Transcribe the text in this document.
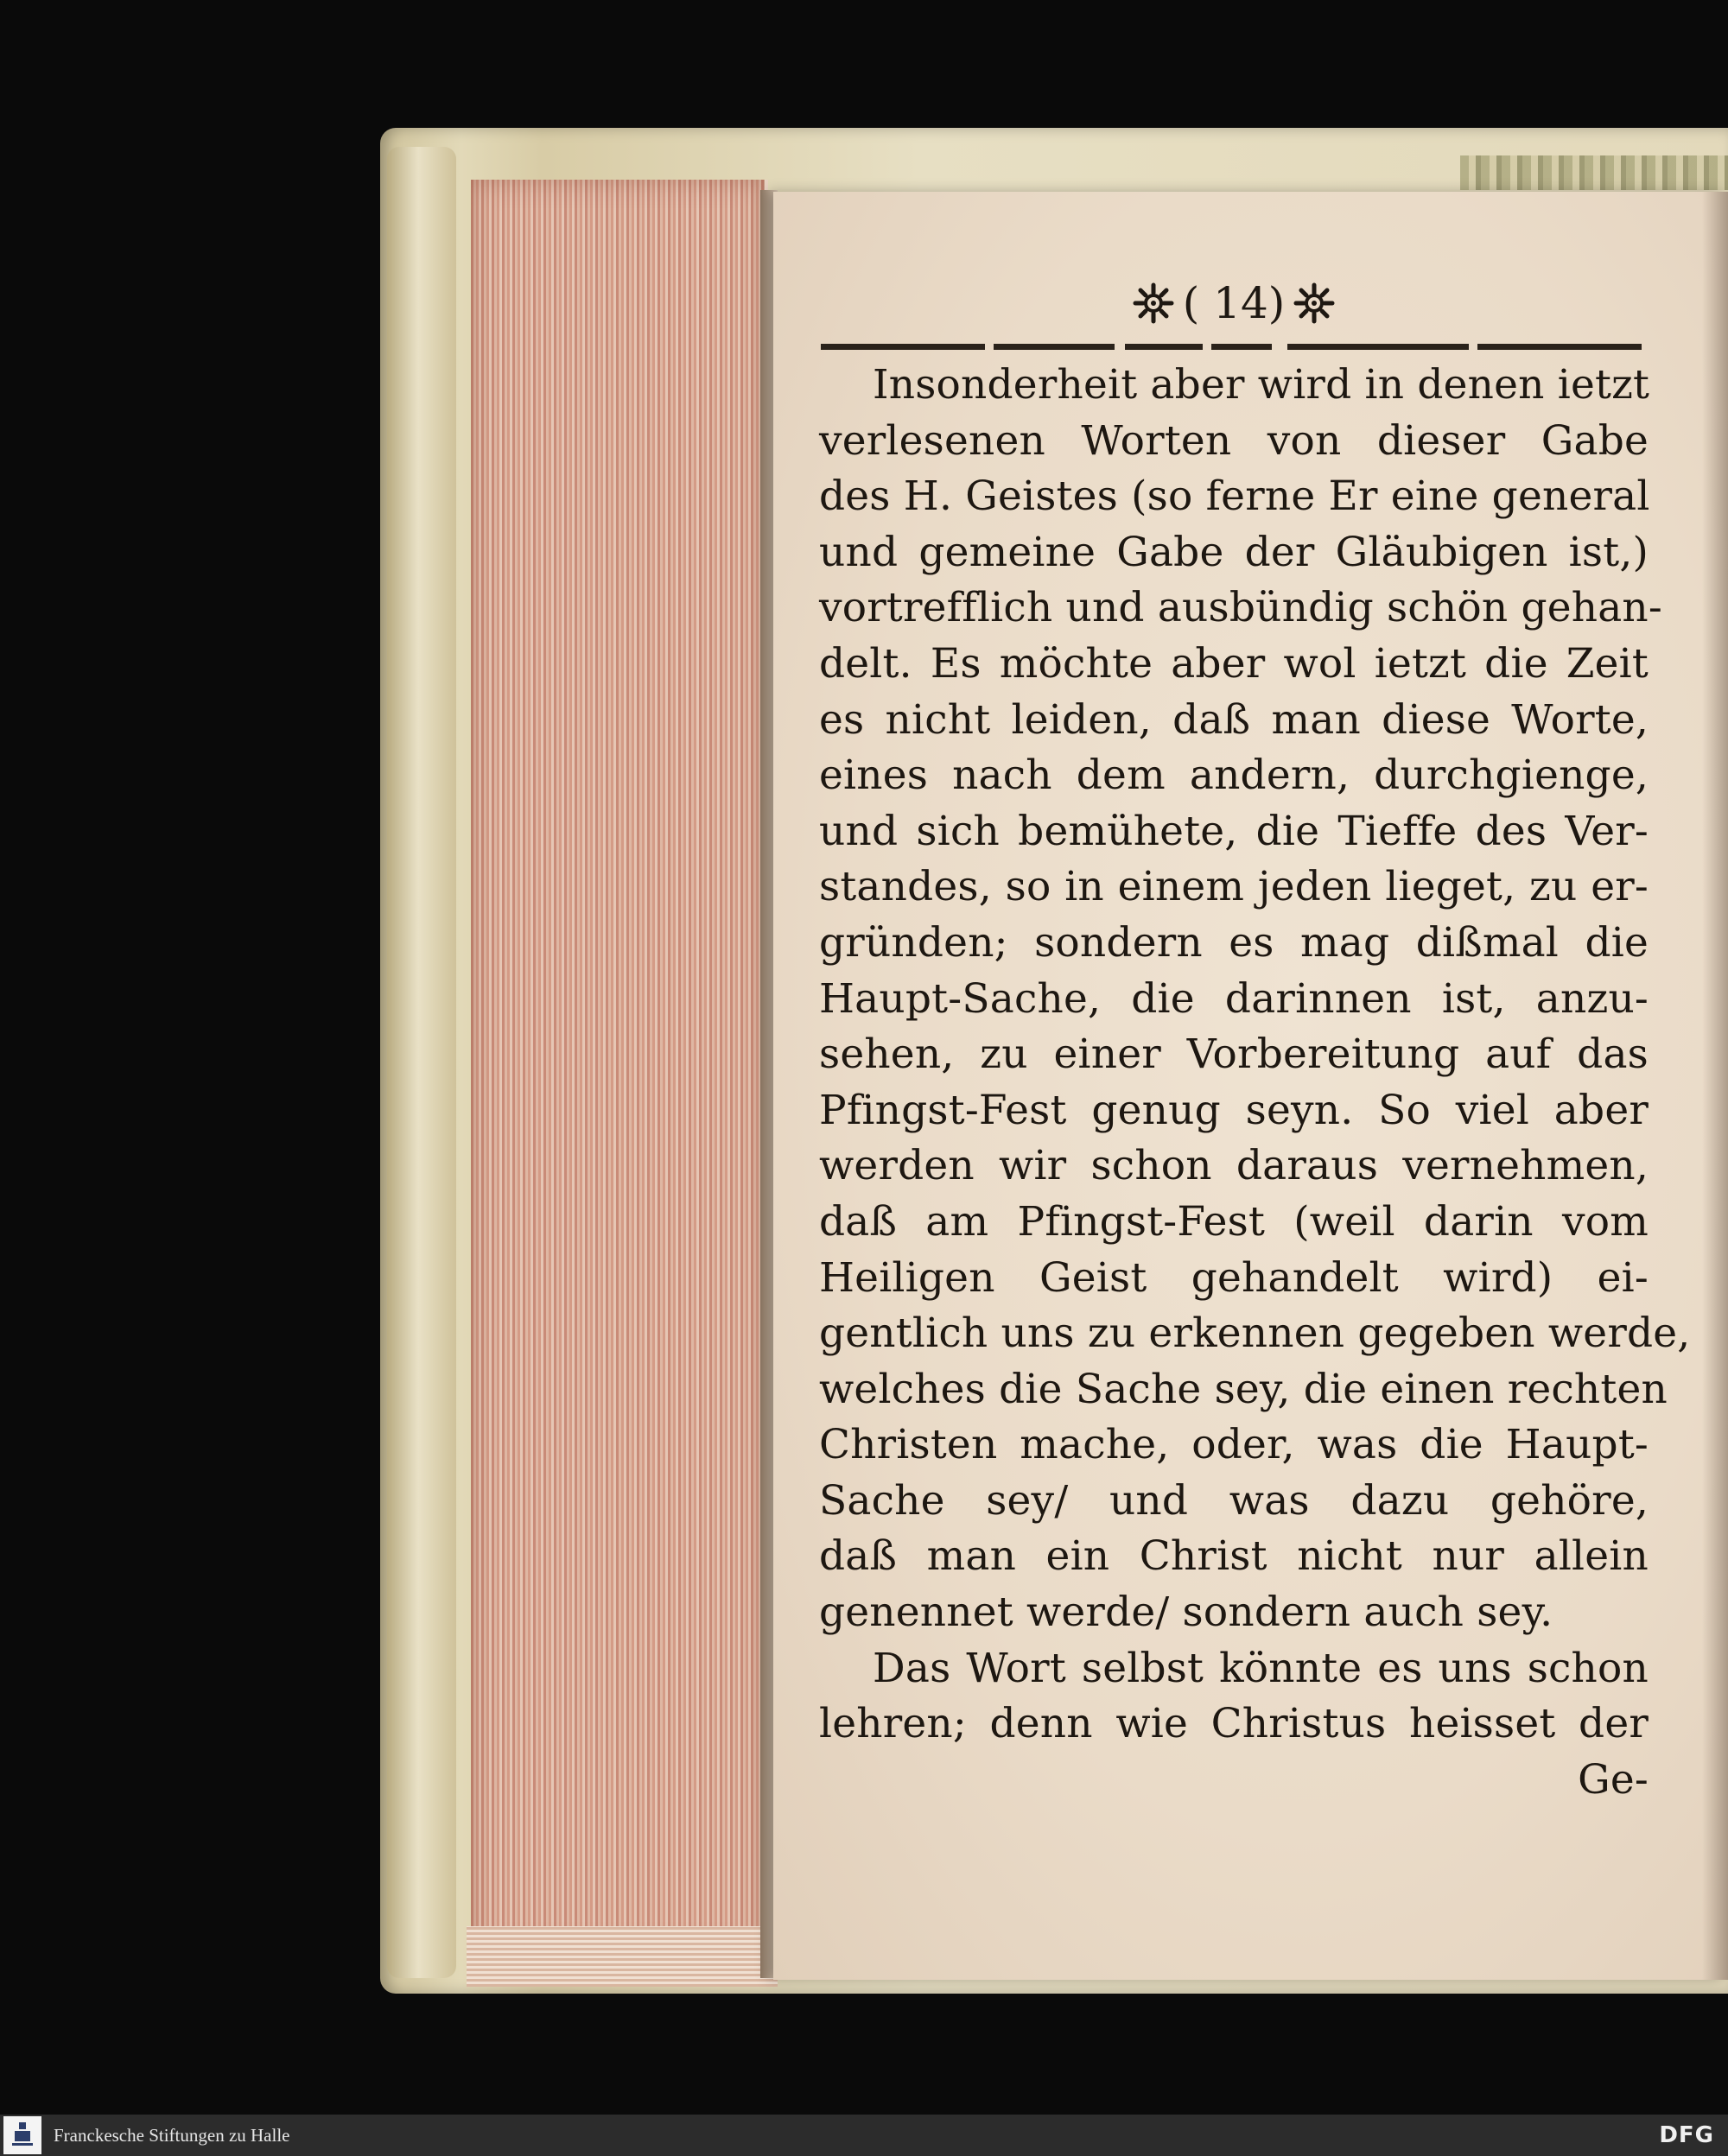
( 14)
Insonderheit aber wird in denen ietzt
verlesenen Worten von dieser Gabe
des H. Geistes (so ferne Er eine general
und gemeine Gabe der Gläubigen ist,)
vortrefflich und ausbündig schön gehan-
delt. Es möchte aber wol ietzt die Zeit
es nicht leiden, daß man diese Worte,
eines nach dem andern, durchgienge,
und sich bemühete, die Tieffe des Ver-
standes, so in einem jeden lieget, zu er-
gründen; sondern es mag dißmal die
Haupt-Sache, die darinnen ist, anzu-
sehen, zu einer Vorbereitung auf das
Pfingst-Fest genug seyn. So viel aber
werden wir schon daraus vernehmen,
daß am Pfingst-Fest (weil darin vom
Heiligen Geist gehandelt wird) ei-
gentlich uns zu erkennen gegeben werde,
welches die Sache sey, die einen rechten
Christen mache, oder, was die Haupt-
Sache sey/ und was dazu gehöre,
daß man ein Christ nicht nur allein
genennet werde/ sondern auch sey.
Das Wort selbst könnte es uns schon
lehren; denn wie Christus heisset der
Ge-
Franckesche Stiftungen zu Halle	DFG
